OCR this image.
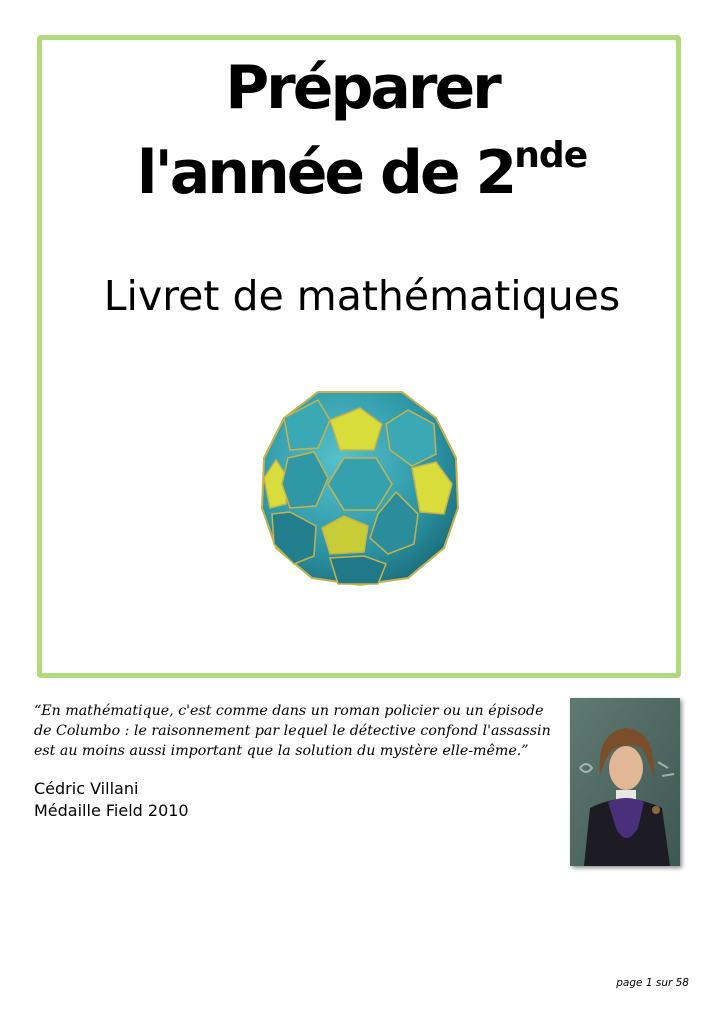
Préparer
l'année de 2nde
Livret de mathématiques

“En mathématique, c'est comme dans un roman policier ou un épisode de Columbo : le raisonnement par lequel le détective confond l'assassin est au moins aussi important que la solution du mystère elle-même.”

Cédric Villani
Médaille Field 2010
page 1 sur 58
